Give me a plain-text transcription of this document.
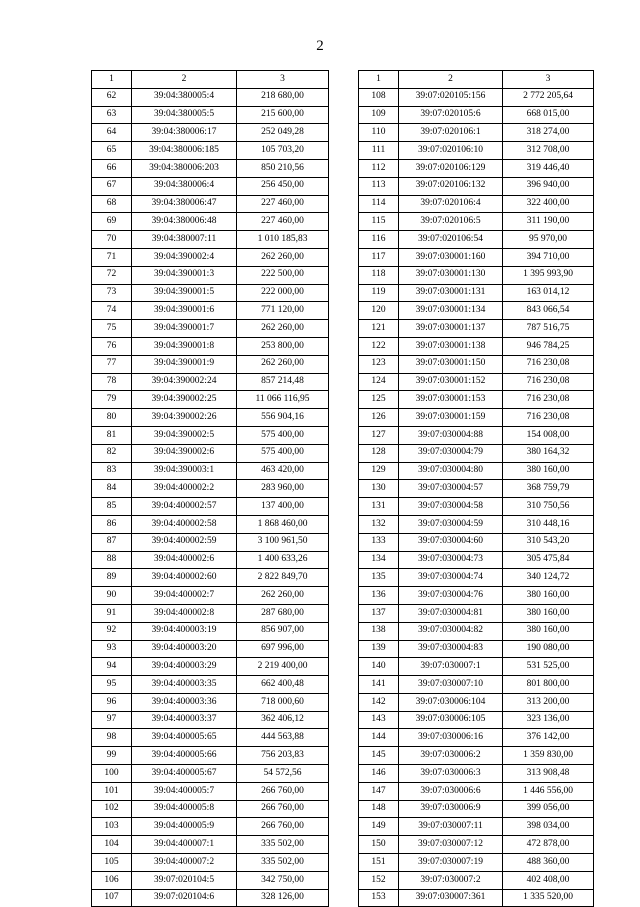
2
1	2	3
62	39:04:380005:4	218 680,00
63	39:04:380005:5	215 600,00
64	39:04:380006:17	252 049,28
65	39:04:380006:185	105 703,20
66	39:04:380006:203	850 210,56
67	39:04:380006:4	256 450,00
68	39:04:380006:47	227 460,00
69	39:04:380006:48	227 460,00
70	39:04:380007:11	1 010 185,83
71	39:04:390002:4	262 260,00
72	39:04:390001:3	222 500,00
73	39:04:390001:5	222 000,00
74	39:04:390001:6	771 120,00
75	39:04:390001:7	262 260,00
76	39:04:390001:8	253 800,00
77	39:04:390001:9	262 260,00
78	39:04:390002:24	857 214,48
79	39:04:390002:25	11 066 116,95
80	39:04:390002:26	556 904,16
81	39:04:390002:5	575 400,00
82	39:04:390002:6	575 400,00
83	39:04:390003:1	463 420,00
84	39:04:400002:2	283 960,00
85	39:04:400002:57	137 400,00
86	39:04:400002:58	1 868 460,00
87	39:04:400002:59	3 100 961,50
88	39:04:400002:6	1 400 633,26
89	39:04:400002:60	2 822 849,70
90	39:04:400002:7	262 260,00
91	39:04:400002:8	287 680,00
92	39:04:400003:19	856 907,00
93	39:04:400003:20	697 996,00
94	39:04:400003:29	2 219 400,00
95	39:04:400003:35	662 400,48
96	39:04:400003:36	718 000,60
97	39:04:400003:37	362 406,12
98	39:04:400005:65	444 563,88
99	39:04:400005:66	756 203,83
100	39:04:400005:67	54 572,56
101	39:04:400005:7	266 760,00
102	39:04:400005:8	266 760,00
103	39:04:400005:9	266 760,00
104	39:04:400007:1	335 502,00
105	39:04:400007:2	335 502,00
106	39:07:020104:5	342 750,00
107	39:07:020104:6	328 126,00
1	2	3
108	39:07:020105:156	2 772 205,64
109	39:07:020105:6	668 015,00
110	39:07:020106:1	318 274,00
111	39:07:020106:10	312 708,00
112	39:07:020106:129	319 446,40
113	39:07:020106:132	396 940,00
114	39:07:020106:4	322 400,00
115	39:07:020106:5	311 190,00
116	39:07:020106:54	95 970,00
117	39:07:030001:160	394 710,00
118	39:07:030001:130	1 395 993,90
119	39:07:030001:131	163 014,12
120	39:07:030001:134	843 066,54
121	39:07:030001:137	787 516,75
122	39:07:030001:138	946 784,25
123	39:07:030001:150	716 230,08
124	39:07:030001:152	716 230,08
125	39:07:030001:153	716 230,08
126	39:07:030001:159	716 230,08
127	39:07:030004:88	154 008,00
128	39:07:030004:79	380 164,32
129	39:07:030004:80	380 160,00
130	39:07:030004:57	368 759,79
131	39:07:030004:58	310 750,56
132	39:07:030004:59	310 448,16
133	39:07:030004:60	310 543,20
134	39:07:030004:73	305 475,84
135	39:07:030004:74	340 124,72
136	39:07:030004:76	380 160,00
137	39:07:030004:81	380 160,00
138	39:07:030004:82	380 160,00
139	39:07:030004:83	190 080,00
140	39:07:030007:1	531 525,00
141	39:07:030007:10	801 800,00
142	39:07:030006:104	313 200,00
143	39:07:030006:105	323 136,00
144	39:07:030006:16	376 142,00
145	39:07:030006:2	1 359 830,00
146	39:07:030006:3	313 908,48
147	39:07:030006:6	1 446 556,00
148	39:07:030006:9	399 056,00
149	39:07:030007:11	398 034,00
150	39:07:030007:12	472 878,00
151	39:07:030007:19	488 360,00
152	39:07:030007:2	402 408,00
153	39:07:030007:361	1 335 520,00
